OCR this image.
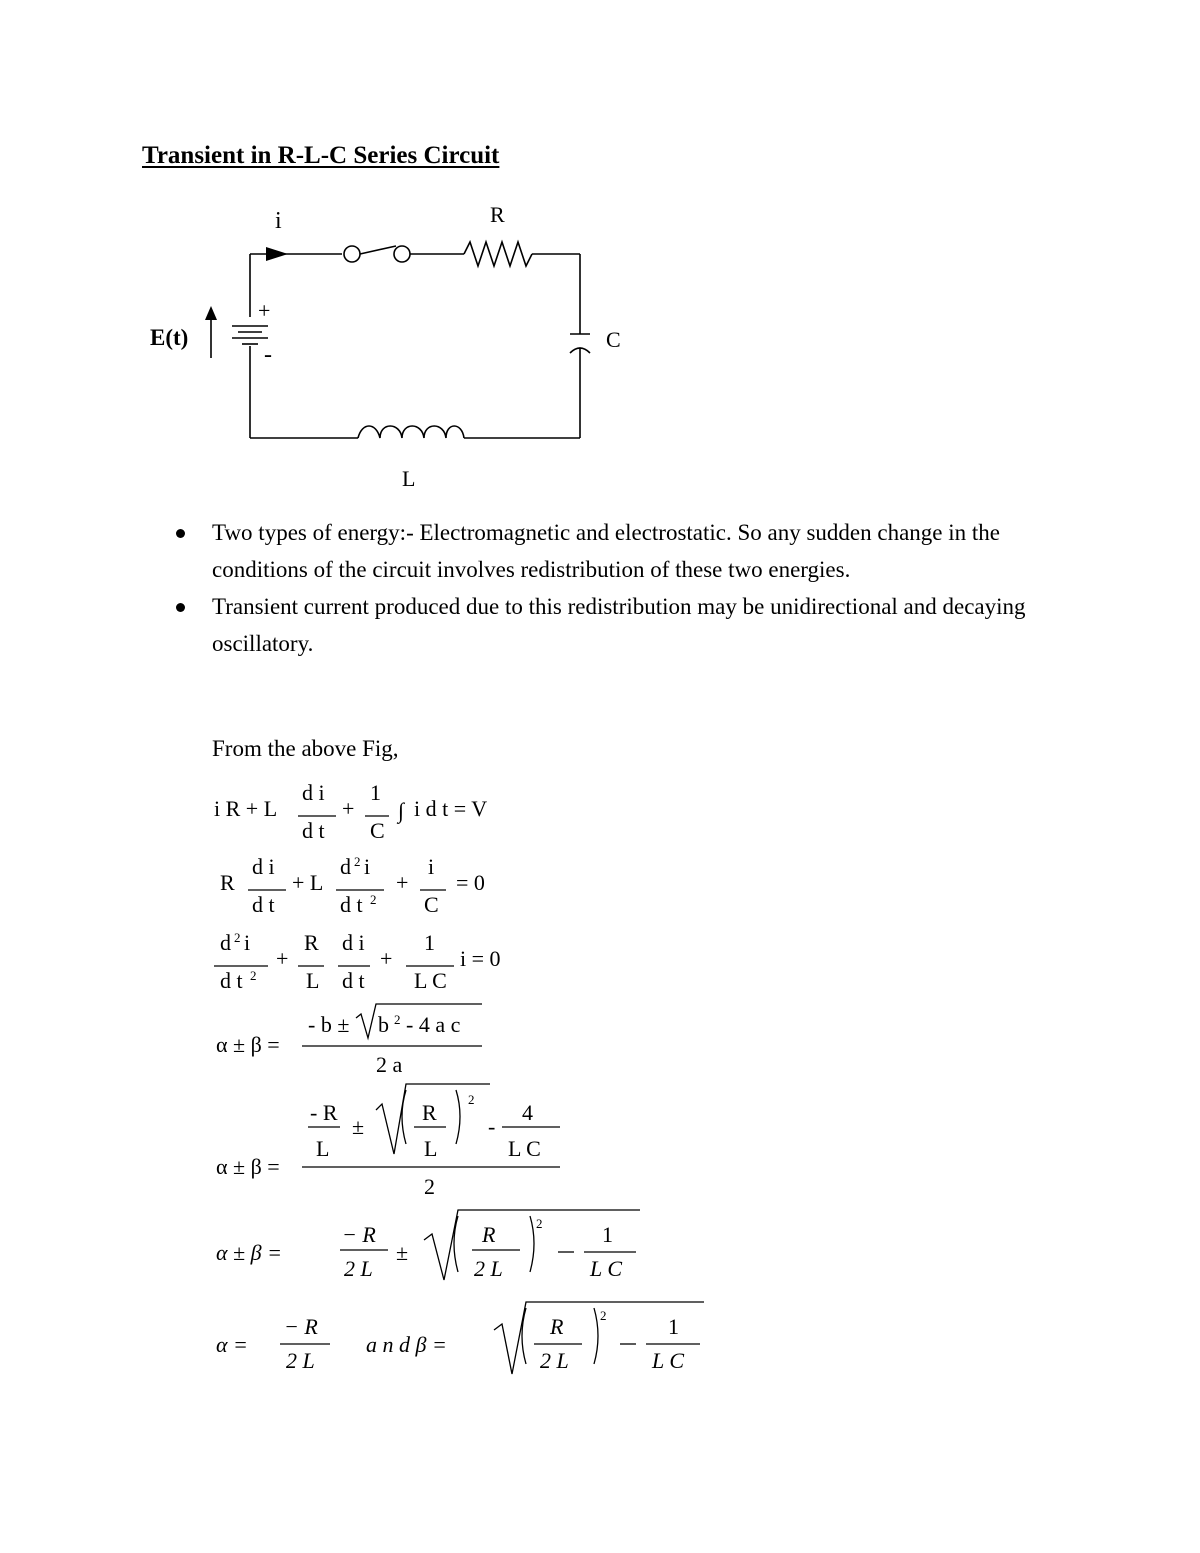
Transient in R-L-C Series Circuit
i	R
C
L
E(t)
+
-
Two types of energy:- Electromagnetic and electrostatic. So any sudden change in the conditions of the circuit involves redistribution of these two energies.
Transient current produced due to this redistribution may be unidirectional and decaying oscillatory.
From the above Fig,
i R + L
d i
d t
+
1
C
∫ i d t = V
R
d i
d t
+ L
d 2 i
d t 2
+
i
C
= 0
d 2 i
d t 2
+
R
L
d i
d t
+
1
L C
i = 0
α ± β =
- b ± b 2 - 4 a c
2 a
α ± β =
- R
L
±
R
L
2
-
4
L C
2
α ± β =
− R
2 L
±
R
2 L
2	1
L C
α =
− R
2 L
a n d β =
R
2 L
2	1
L C
